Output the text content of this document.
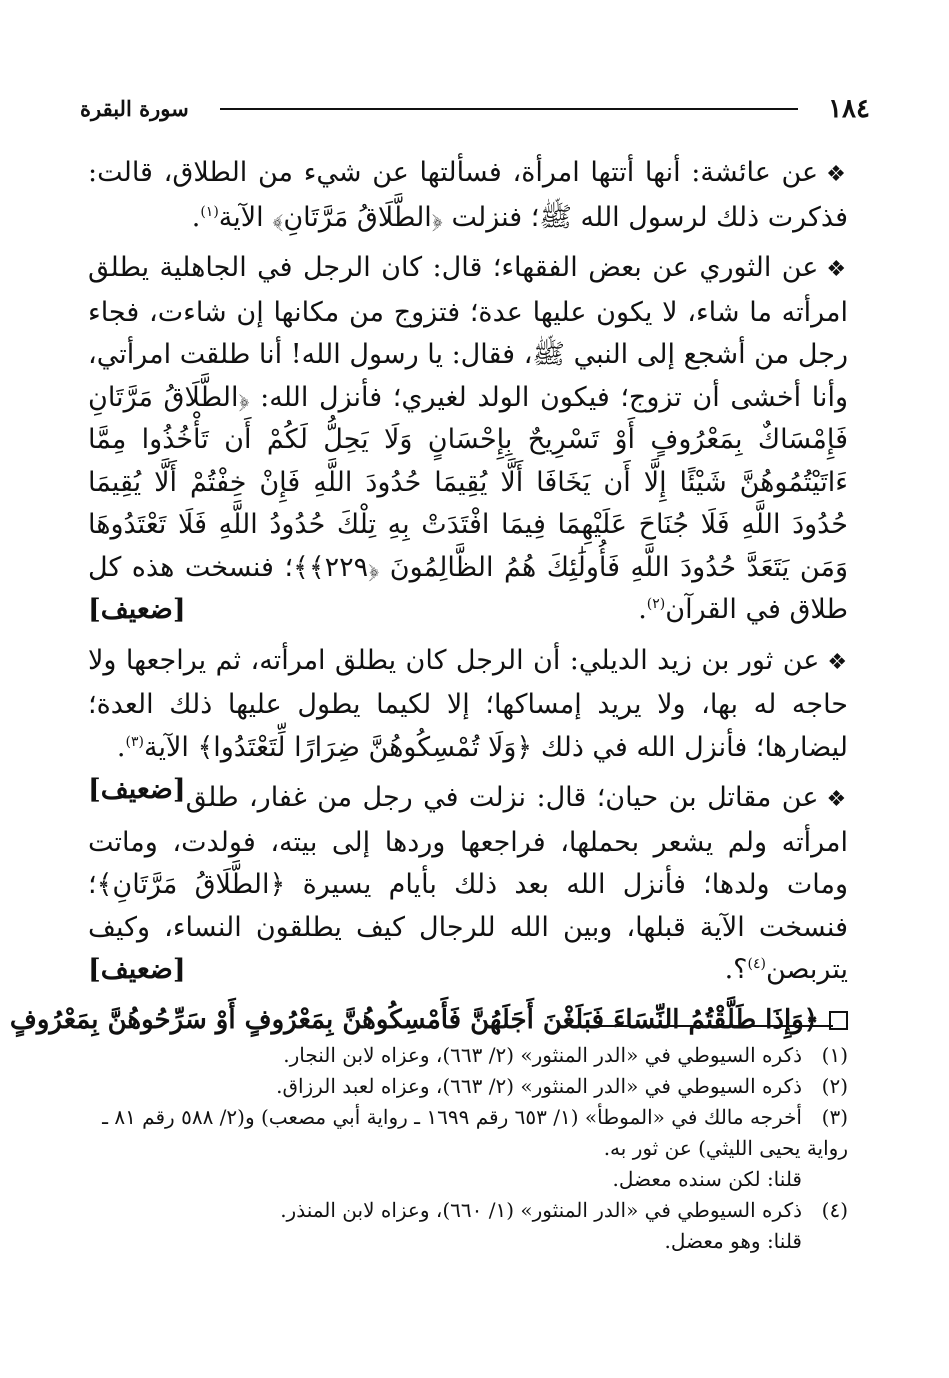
١٨٤
سورة البقرة

❖عن عائشة: أنها أتتها امرأة، فسألتها عن شيء من الطلاق، قالت: فذكرت ذلك لرسول الله ﷺ؛ فنزلت ﴿الطَّلَاقُ مَرَّتَانِ﴾ الآية$^{(١)}$.

❖عن الثوري عن بعض الفقهاء؛ قال: كان الرجل في الجاهلية يطلق امرأته ما شاء، لا يكون عليها عدة؛ فتزوج من مكانها إن شاءت، فجاء رجل من أشجع إلى النبي ﷺ، فقال: يا رسول الله! أنا طلقت امرأتي، وأنا أخشى أن تزوج؛ فيكون الولد لغيري؛ فأنزل الله: ﴿الطَّلَاقُ مَرَّتَانِ فَإِمْسَاكٌ بِمَعْرُوفٍ أَوْ تَسْرِيحٌ بِإِحْسَانٍ وَلَا يَحِلُّ لَكُمْ أَن تَأْخُذُوا مِمَّا ءَاتَيْتُمُوهُنَّ شَيْئًا إِلَّا أَن يَخَافَا أَلَّا يُقِيمَا حُدُودَ اللَّهِ فَإِنْ خِفْتُمْ أَلَّا يُقِيمَا حُدُودَ اللَّهِ فَلَا جُنَاحَ عَلَيْهِمَا فِيمَا افْتَدَتْ بِهِ تِلْكَ حُدُودُ اللَّهِ فَلَا تَعْتَدُوهَا وَمَن يَتَعَدَّ حُدُودَ اللَّهِ فَأُولَٰئِكَ هُمُ الظَّالِمُونَ ﴿٢٢٩﴾﴾؛ فنسخت هذه كل طلاق في القرآن$^{(٢)}$.
[ضعيف]

❖عن ثور بن زيد الديلي: أن الرجل كان يطلق امرأته، ثم يراجعها ولا حاجه له بها، ولا يريد إمساكها؛ إلا لكيما يطول عليها ذلك العدة؛ ليضارها؛ فأنزل الله في ذلك ﴿وَلَا تُمْسِكُوهُنَّ ضِرَارًا لِّتَعْتَدُوا﴾ الآية$^{(٣)}$.
[ضعيف]	❖عن مقاتل بن حيان؛ قال: نزلت في رجل من غفار، طلق امرأته ولم يشعر بحملها، فراجعها وردها إلى بيته، فولدت، وماتت ومات ولدها؛ فأنزل الله بعد ذلك بأيام يسيرة ﴿الطَّلَاقُ مَرَّتَانِ﴾؛ فنسخت الآية قبلها، وبين الله للرجال كيف يطلقون النساء، وكيف يتربصن$^{(٤)}$؟.
[ضعيف]

﴿وَإِذَا طَلَّقْتُمُ النِّسَاءَ فَبَلَغْنَ أَجَلَهُنَّ فَأَمْسِكُوهُنَّ بِمَعْرُوفٍ أَوْ سَرِّحُوهُنَّ بِمَعْرُوفٍ

(١)ذكره السيوطي في «الدر المنثور» (٢/ ٦٦٣)، وعزاه لابن النجار.

(٢)ذكره السيوطي في «الدر المنثور» (٢/ ٦٦٣)، وعزاه لعبد الرزاق.

(٣)أخرجه مالك في «الموطأ» (١/ ٦٥٣ رقم ١٦٩٩ ـ رواية أبي مصعب) و(٢/ ٥٨٨ رقم ٨١ ـ رواية يحيى الليثي) عن ثور به.

قلنا: لكن سنده معضل.

(٤)ذكره السيوطي في «الدر المنثور» (١/ ٦٦٠)، وعزاه لابن المنذر.

قلنا: وهو معضل.
